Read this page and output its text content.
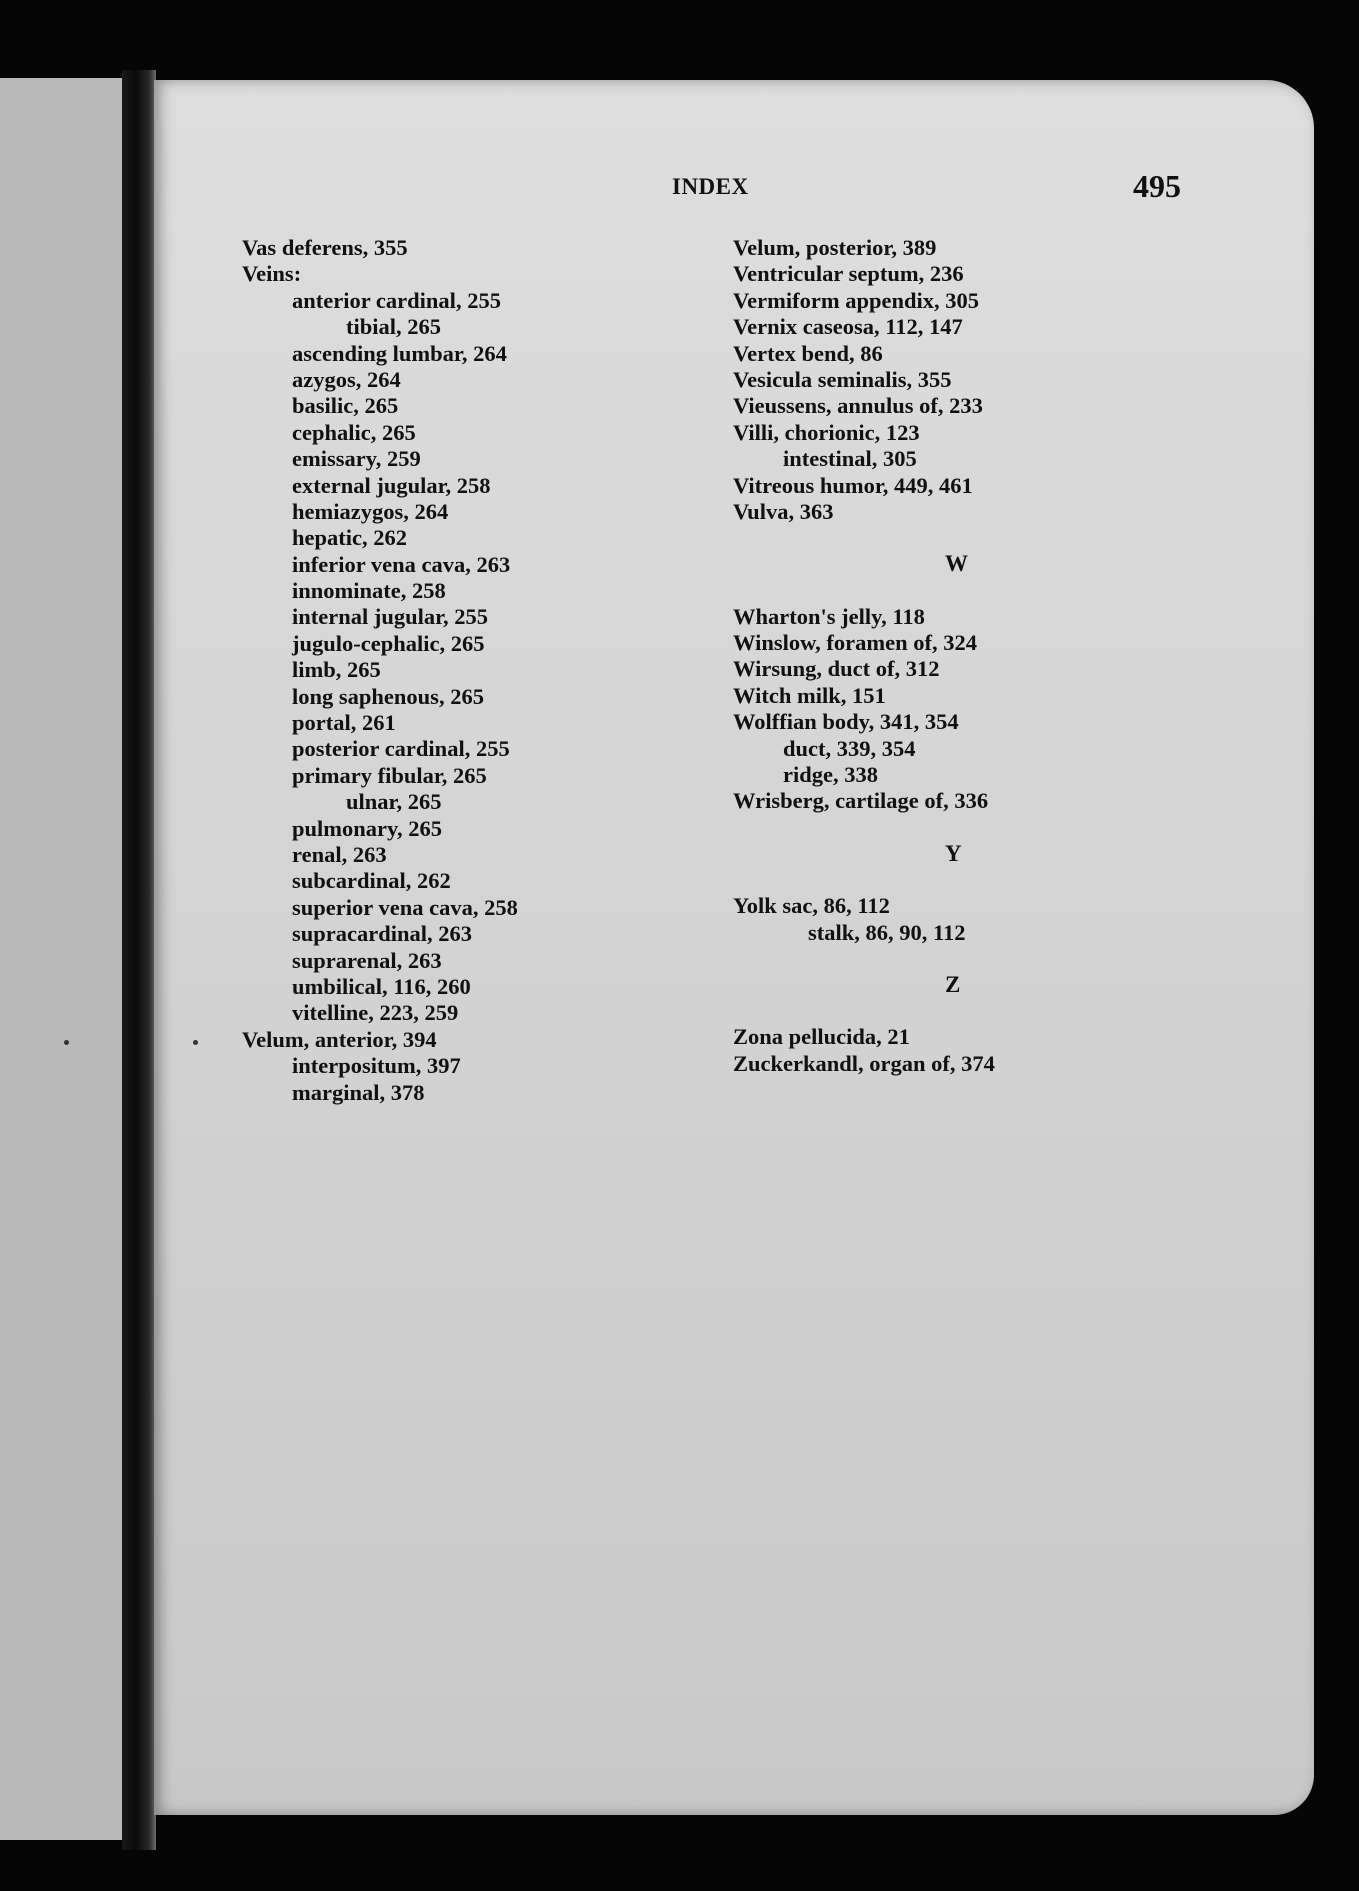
INDEX	495
Vas deferens, 355
Veins:
anterior cardinal, 255
tibial, 265
ascending lumbar, 264
azygos, 264
basilic, 265
cephalic, 265
emissary, 259
external jugular, 258
hemiazygos, 264
hepatic, 262
inferior vena cava, 263
innominate, 258
internal jugular, 255
jugulo-cephalic, 265
limb, 265
long saphenous, 265
portal, 261
posterior cardinal, 255
primary fibular, 265
ulnar, 265
pulmonary, 265
renal, 263
subcardinal, 262
superior vena cava, 258
supracardinal, 263
suprarenal, 263
umbilical, 116, 260
vitelline, 223, 259
Velum, anterior, 394
interpositum, 397
marginal, 378
Velum, posterior, 389
Ventricular septum, 236
Vermiform appendix, 305
Vernix caseosa, 112, 147
Vertex bend, 86
Vesicula seminalis, 355
Vieussens, annulus of, 233
Villi, chorionic, 123
intestinal, 305
Vitreous humor, 449, 461
Vulva, 363
W
Wharton's jelly, 118
Winslow, foramen of, 324
Wirsung, duct of, 312
Witch milk, 151
Wolffian body, 341, 354
duct, 339, 354
ridge, 338
Wrisberg, cartilage of, 336
Y
Yolk sac, 86, 112
stalk, 86, 90, 112
Z
Zona pellucida, 21
Zuckerkandl, organ of, 374
